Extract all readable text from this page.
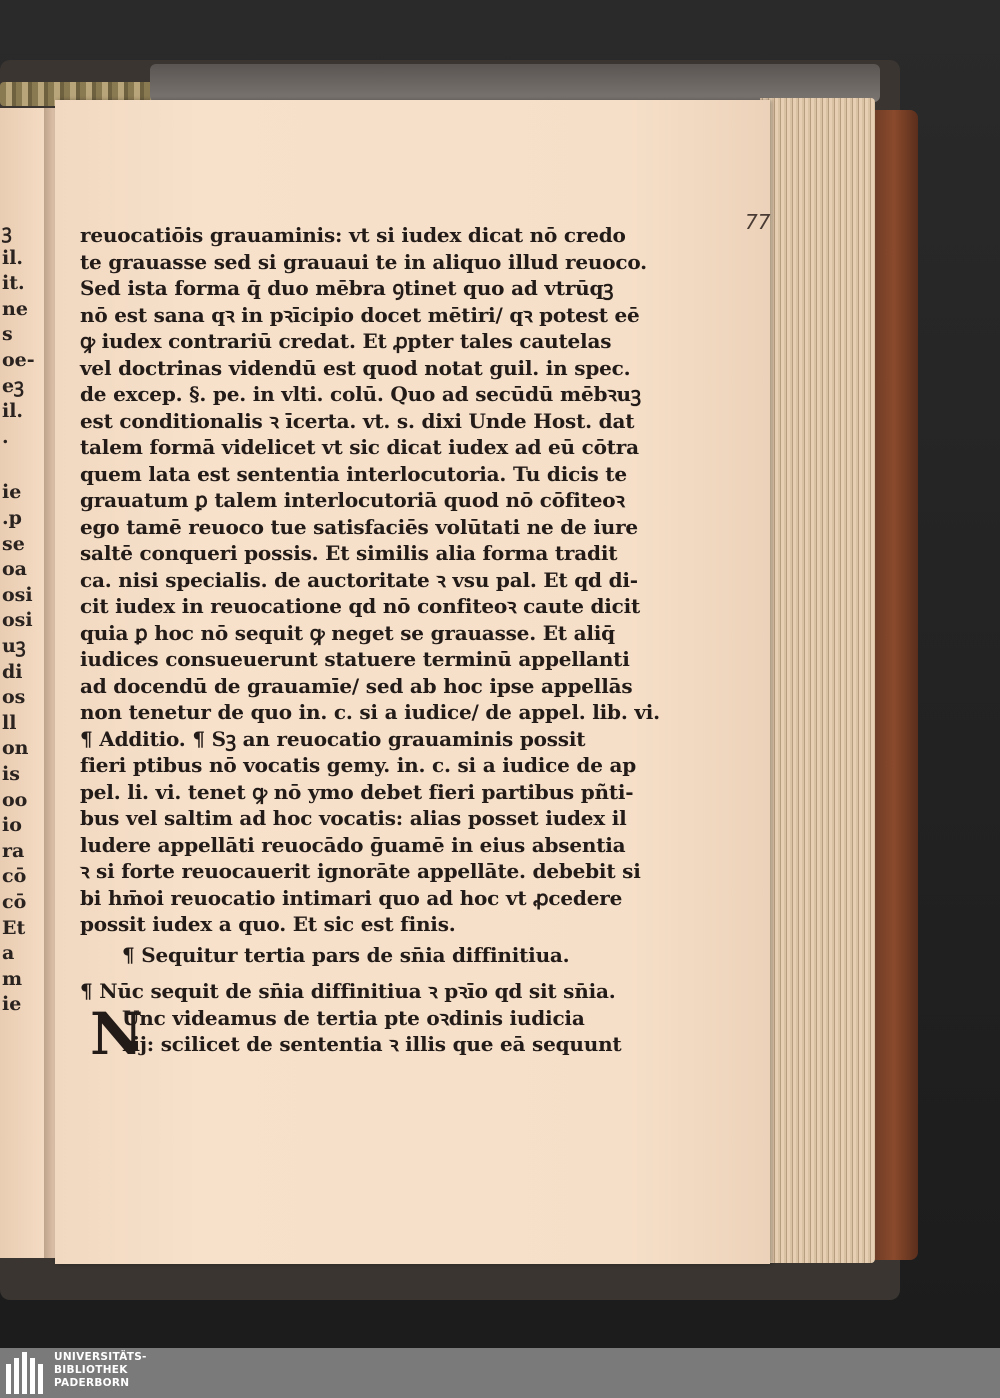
ꝫ
il.
it.
ne
s
oe-
eꝫ
il.
.
ie
.p
se
oa
osi
osi
uꝫ
di
os
ll
on
is
oo
io
ra
cō
cō
Et
a
m
ie
77
reuocatiōis grauaminis: vt si iudex dicat nō credo
te grauasse sed si grauaui te in aliquo illud reuoco.
Sed ista forma q̄ duo mēbra ꝯtinet quo ad vtrūqꝫ
nō est sana qꝛ in pꝛīcipio docet mētiri/ qꝛ potest eē
ꝙ iudex contrariū credat. Et ꝓpter tales cautelas
vel doctrinas videndū est quod notat guil. in spec.
de excep. §. pe. in vlti. colū. Quo ad secūdū mēbꝛuꝫ
est conditionalis ꝛ īcerta. vt. s. dixi Unde Host. dat
talem formā videlicet vt sic dicat iudex ad eū cōtra
quem lata est sententia interlocutoria. Tu dicis te
grauatum ꝑ talem interlocutoriā quod nō cōfiteoꝛ
ego tamē reuoco tue satisfaciēs volūtati ne de iure
saltē conqueri possis. Et similis alia forma tradit
ca. nisi specialis. de auctoritate ꝛ vsu pal. Et qd di-
cit iudex in reuocatione qd nō confiteoꝛ caute dicit
quia ꝑ hoc nō sequit ꝙ neget se grauasse. Et aliq̄
iudices consueuerunt statuere terminū appellanti
ad docendū de grauamīe/ sed ab hoc ipse appellās
non tenetur de quo in. c. si a iudice/ de appel. lib. vi.
¶ Additio. ¶ Sꝫ an reuocatio grauaminis possit
fieri ptibus nō vocatis gemy. in. c. si a iudice de ap
pel. li. vi. tenet ꝙ nō ymo debet fieri partibus pñti-
bus vel saltim ad hoc vocatis: alias posset iudex il
ludere appellāti reuocādo ḡuamē in eius absentia
ꝛ si forte reuocauerit ignorāte appellāte. debebit si
bi hm̄oi reuocatio intimari quo ad hoc vt ꝓcedere
possit iudex a quo. Et sic est finis.
¶ Sequitur tertia pars de sn̄ia diffinitiua.
¶ Nūc sequit de sn̄ia diffinitiua ꝛ pꝛīo qd sit sn̄ia.
Unc videamus de tertia pte oꝛdinis iudicia
rij: scilicet de sententia ꝛ illis que eā sequunt
N
UNIVERSITÄTS-
BIBLIOTHEK
PADERBORN
